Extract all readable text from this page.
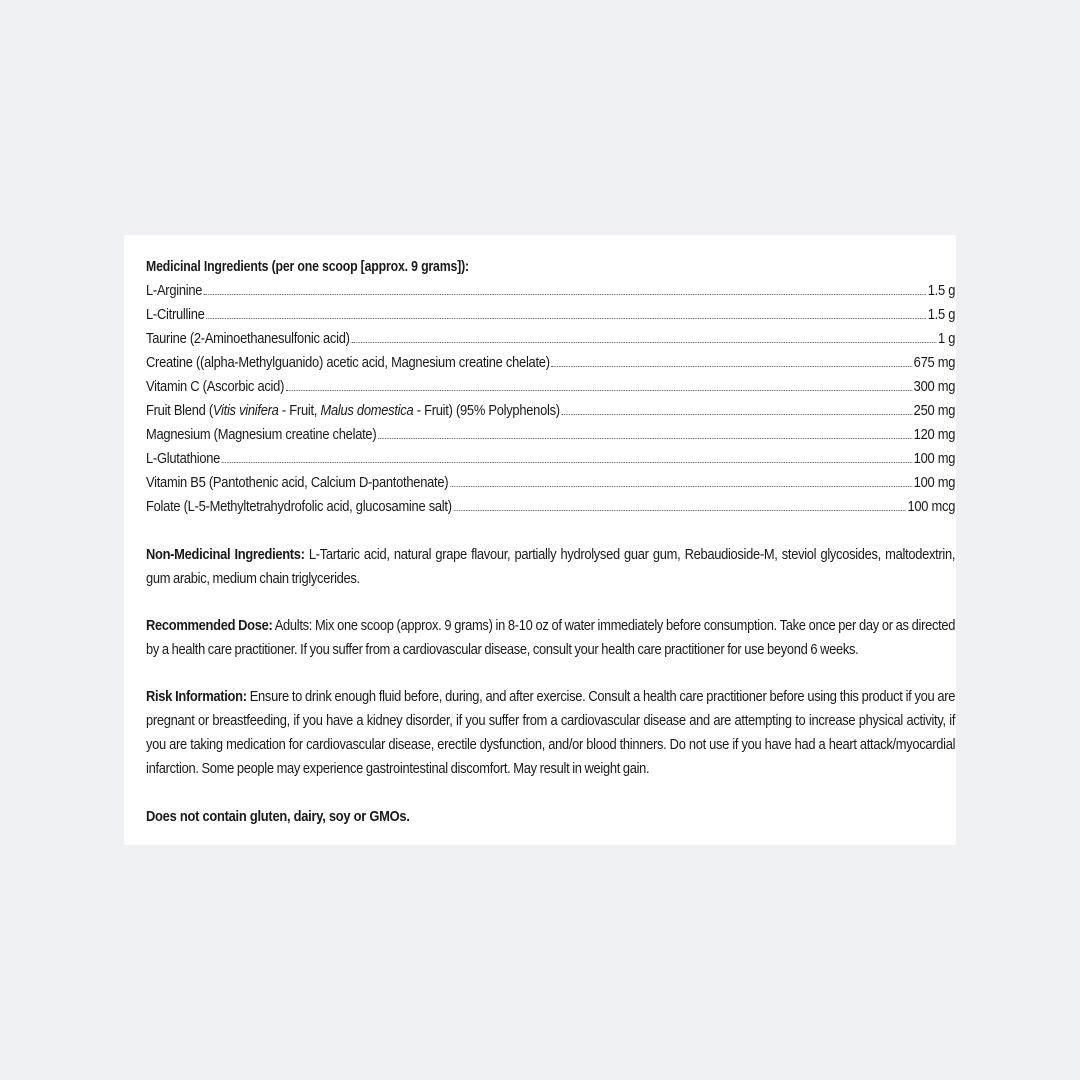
Medicinal Ingredients (per one scoop [approx. 9 grams]):
L-Arginine	1.5 g
L-Citrulline	1.5 g
Taurine (2-Aminoethanesulfonic acid)	1 g
Creatine ((alpha-Methylguanido) acetic acid, Magnesium creatine chelate)	675 mg
Vitamin C (Ascorbic acid)	300 mg
Fruit Blend (Vitis vinifera - Fruit, Malus domestica - Fruit) (95% Polyphenols)	250 mg
Magnesium (Magnesium creatine chelate)	120 mg
L-Glutathione	100 mg
Vitamin B5 (Pantothenic acid, Calcium D-pantothenate)	100 mg
Folate (L-5-Methyltetrahydrofolic acid, glucosamine salt)	100 mcg
Non-Medicinal Ingredients: L-Tartaric acid, natural grape flavour, partially hydrolysed guar gum, Rebaudioside-M, steviol glycosides, maltodextrin, gum arabic, medium chain triglycerides.
Recommended Dose: Adults: Mix one scoop (approx. 9 grams) in 8-10 oz of water immediately before consumption. Take once per day or as directed by a health care practitioner. If you suffer from a cardiovascular disease, consult your health care practitioner for use beyond 6 weeks.
Risk Information: Ensure to drink enough fluid before, during, and after exercise. Consult a health care practitioner before using this product if you are pregnant or breastfeeding, if you have a kidney disorder, if you suffer from a cardiovascular disease and are attempting to increase physical activity, if you are taking medication for cardiovascular disease, erectile dysfunction, and/or blood thinners. Do not use if you have had a heart attack/myocardial infarction. Some people may experience gastrointestinal discomfort. May result in weight gain.
Does not contain gluten, dairy, soy or GMOs.
